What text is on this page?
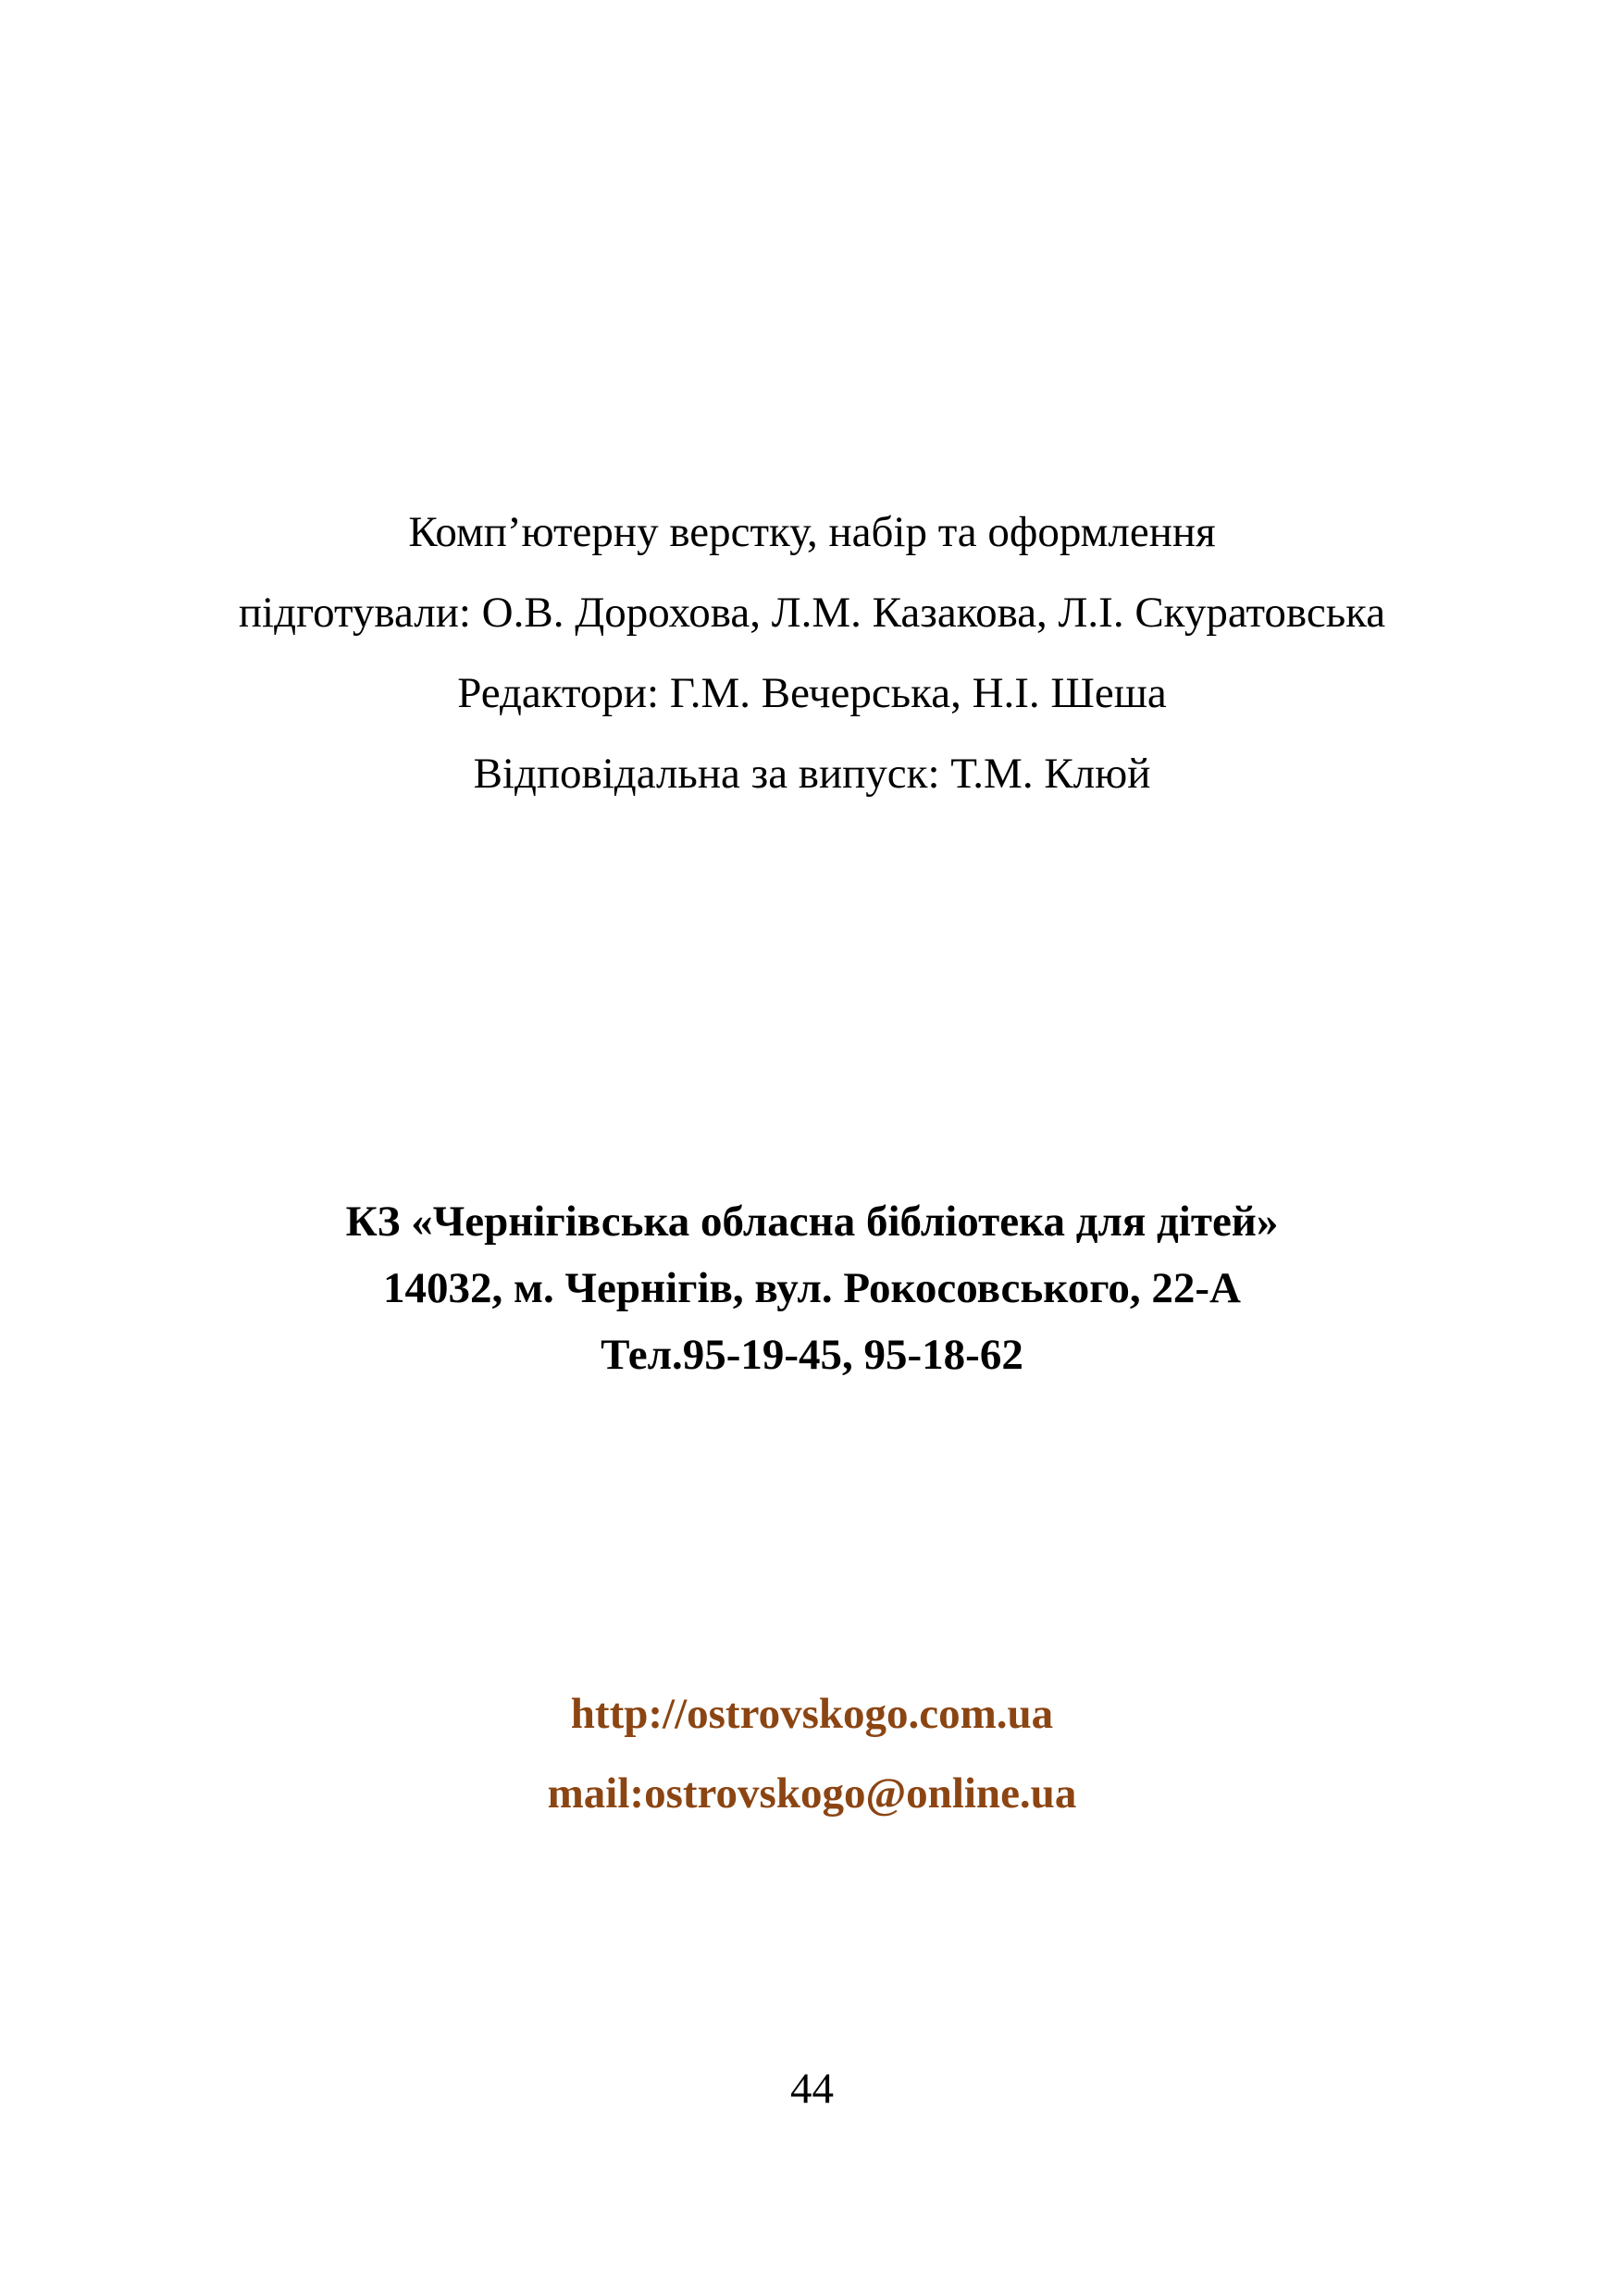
Комп’ютерну верстку, набір та оформлення
підготували: О.В. Дорохова, Л.М. Казакова, Л.І. Скуратовська
Редактори: Г.М. Вечерська, Н.І. Шеша
Відповідальна за випуск: Т.М. Клюй
КЗ «Чернігівська обласна бібліотека для дітей»
14032, м. Чернігів, вул. Рокосовського, 22-А
Тел.95-19-45, 95-18-62
http://ostrovskogo.com.ua
mail:ostrovskogo@online.ua
44
